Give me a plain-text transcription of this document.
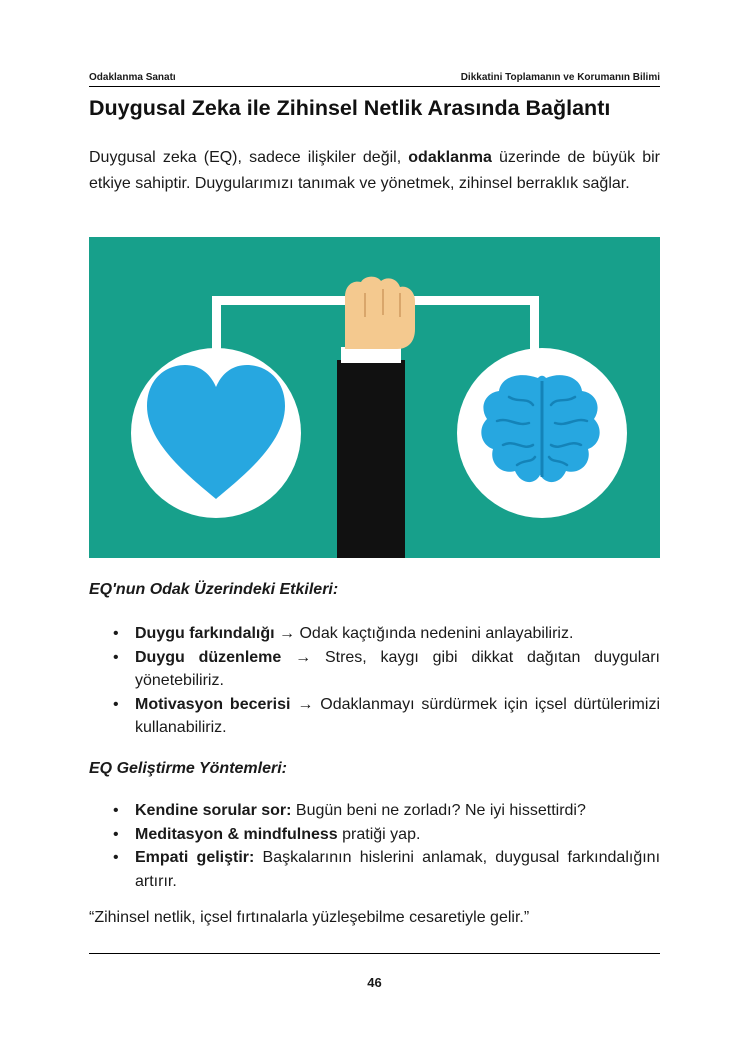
Odaklanma Sanatı	Dikkatini Toplamanın ve Korumanın Bilimi
Duygusal Zeka ile Zihinsel Netlik Arasında Bağlantı

Duygusal zeka (EQ), sadece ilişkiler değil, odaklanma üzerinde de büyük bir etkiye sahiptir. Duygularımızı tanımak ve yönetmek, zihinsel berraklık sağlar.

EQ'nun Odak Üzerindeki Etkileri:
• Duygu farkındalığı → Odak kaçtığında nedenini anlayabiliriz.
• Duygu düzenleme → Stres, kaygı gibi dikkat dağıtan duyguları yönetebiliriz.
• Motivasyon becerisi → Odaklanmayı sürdürmek için içsel dürtülerimizi kullanabiliriz.
EQ Geliştirme Yöntemleri:
• Kendine sorular sor: Bugün beni ne zorladı? Ne iyi hissettirdi?
• Meditasyon & mindfulness pratiği yap.
• Empati geliştir: Başkalarının hislerini anlamak, duygusal farkındalığını artırır.

“Zihinsel netlik, içsel fırtınalarla yüzleşebilme cesaretiyle gelir.”

46
